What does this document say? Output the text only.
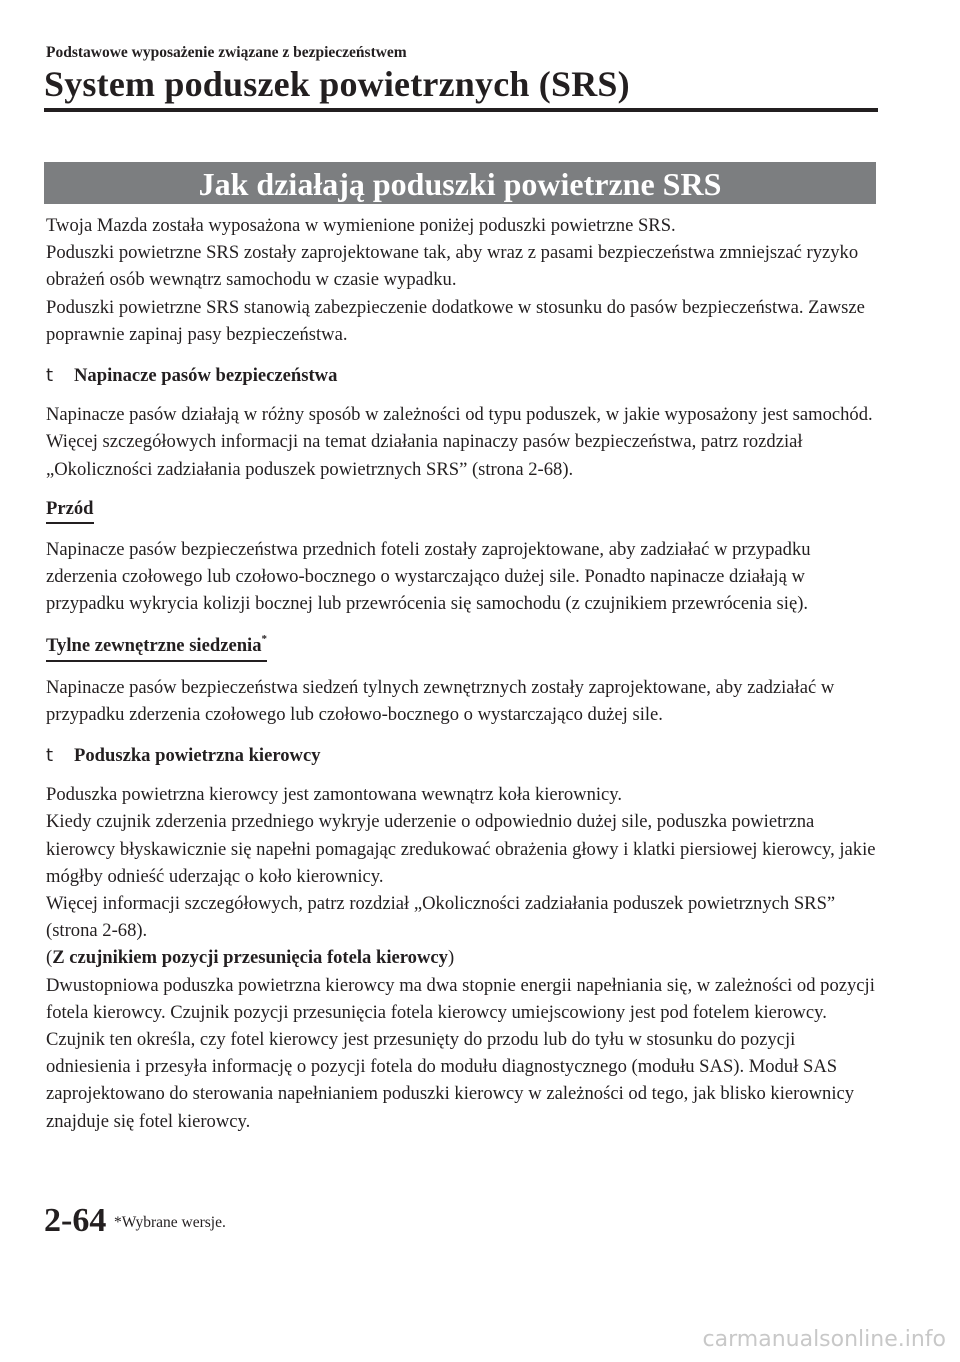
Podstawowe wyposażenie związane z bezpieczeństwem
System poduszek powietrznych (SRS)
Jak działają poduszki powietrzne SRS

Twoja Mazda została wyposażona w wymienione poniżej poduszki powietrzne SRS.

Poduszki powietrzne SRS zostały zaprojektowane tak, aby wraz z pasami bezpieczeństwa zmniejszać ryzyko obrażeń osób wewnątrz samochodu w czasie wypadku.

Poduszki powietrzne SRS stanowią zabezpieczenie dodatkowe w stosunku do pasów bezpieczeństwa. Zawsze poprawnie zapinaj pasy bezpieczeństwa.

t	Napinacze pasów bezpieczeństwa

Napinacze pasów działają w różny sposób w zależności od typu poduszek, w jakie wyposażony jest samochód. Więcej szczegółowych informacji na temat działania napinaczy pasów bezpieczeństwa, patrz rozdział „Okoliczności zadziałania poduszek powietrznych SRS” (strona 2-68).

Przód

Napinacze pasów bezpieczeństwa przednich foteli zostały zaprojektowane, aby zadziałać w przypadku zderzenia czołowego lub czołowo-bocznego o wystarczająco dużej sile. Ponadto napinacze działają w przypadku wykrycia kolizji bocznej lub przewrócenia się samochodu (z czujnikiem przewrócenia się).

Tylne zewnętrzne siedzenia*

Napinacze pasów bezpieczeństwa siedzeń tylnych zewnętrznych zostały zaprojektowane, aby zadziałać w przypadku zderzenia czołowego lub czołowo-bocznego o wystarczająco dużej sile.

t	Poduszka powietrzna kierowcy

Poduszka powietrzna kierowcy jest zamontowana wewnątrz koła kierownicy.

Kiedy czujnik zderzenia przedniego wykryje uderzenie o odpowiednio dużej sile, poduszka powietrzna kierowcy błyskawicznie się napełni pomagając zredukować obrażenia głowy i klatki piersiowej kierowcy, jakie mógłby odnieść uderzając o koło kierownicy.

Więcej informacji szczegółowych, patrz rozdział „Okoliczności zadziałania poduszek powietrznych SRS” (strona 2-68).

(Z czujnikiem pozycji przesunięcia fotela kierowcy)

Dwustopniowa poduszka powietrzna kierowcy ma dwa stopnie energii napełniania się, w zależności od pozycji fotela kierowcy. Czujnik pozycji przesunięcia fotela kierowcy umiejscowiony jest pod fotelem kierowcy. Czujnik ten określa, czy fotel kierowcy jest przesunięty do przodu lub do tyłu w stosunku do pozycji odniesienia i przesyła informację o pozycji fotela do modułu diagnostycznego (modułu SAS). Moduł SAS zaprojektowano do sterowania napełnianiem poduszki kierowcy w zależności od tego, jak blisko kierownicy znajduje się fotel kierowcy.

2-64 *Wybrane wersje.
carmanualsonline.info
